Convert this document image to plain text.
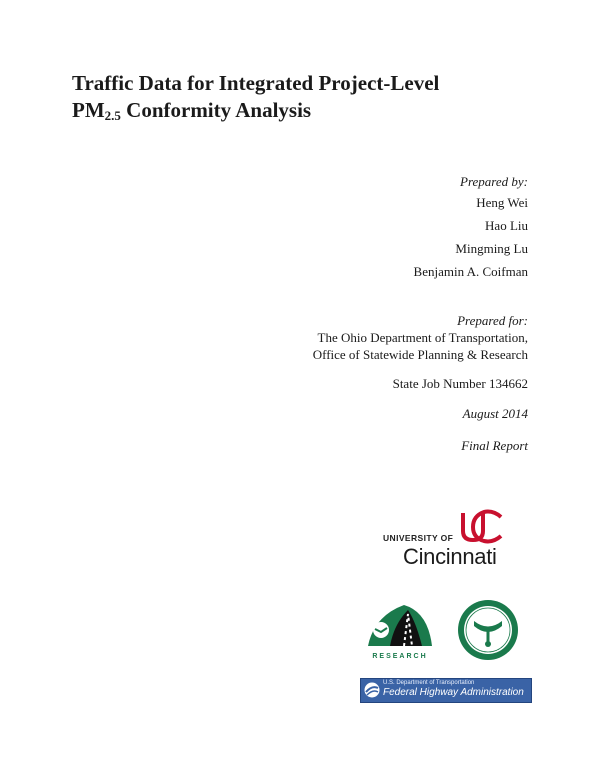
Traffic Data for Integrated Project-Level
$PM_{2.5}$ Conformity Analysis
Prepared by:
Heng Wei
Hao Liu
Mingming Lu
Benjamin A. Coifman
Prepared for:
The Ohio Department of Transportation,
Office of Statewide Planning & Research
State Job Number 134662
August 2014
Final Report
UNIVERSITY OF
Cincinnati
RESEARCH
U.S. Department of Transportation
Federal Highway Administration
